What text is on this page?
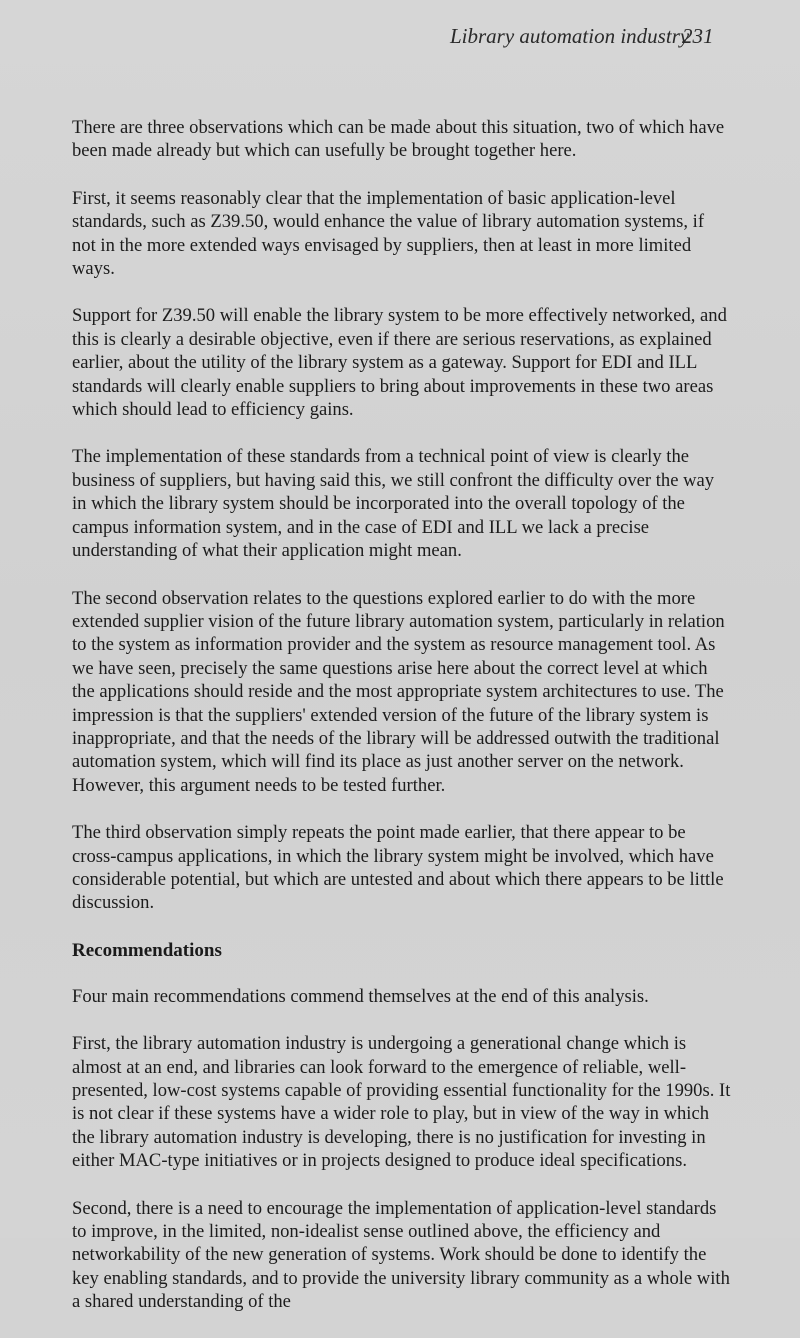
Library automation industry
231

There are three observations which can be made about this situation, two of which have been made already but which can usefully be brought together here.

First, it seems reasonably clear that the implementation of basic application-level standards, such as Z39.50, would enhance the value of library automation systems, if not in the more extended ways envisaged by suppliers, then at least in more limited ways.

Support for Z39.50 will enable the library system to be more effectively networked, and this is clearly a desirable objective, even if there are serious reservations, as explained earlier, about the utility of the library system as a gateway. Support for EDI and ILL standards will clearly enable suppliers to bring about improvements in these two areas which should lead to efficiency gains.

The implementation of these standards from a technical point of view is clearly the business of suppliers, but having said this, we still confront the difficulty over the way in which the library system should be incorporated into the overall topology of the campus information system, and in the case of EDI and ILL we lack a precise understanding of what their application might mean.

The second observation relates to the questions explored earlier to do with the more extended supplier vision of the future library automation system, particularly in relation to the system as information provider and the system as resource management tool. As we have seen, precisely the same questions arise here about the correct level at which the applications should reside and the most appropriate system architectures to use. The impression is that the suppliers' extended version of the future of the library system is inappropriate, and that the needs of the library will be addressed outwith the traditional automation system, which will find its place as just another server on the network. However, this argument needs to be tested further.

The third observation simply repeats the point made earlier, that there appear to be cross-campus applications, in which the library system might be involved, which have considerable potential, but which are untested and about which there appears to be little discussion.

Recommendations

Four main recommendations commend themselves at the end of this analysis.

First, the library automation industry is undergoing a generational change which is almost at an end, and libraries can look forward to the emergence of reliable, well-presented, low-cost systems capable of providing essential functionality for the 1990s. It is not clear if these systems have a wider role to play, but in view of the way in which the library automation industry is developing, there is no justification for investing in either MAC-type initiatives or in projects designed to produce ideal specifications.

Second, there is a need to encourage the implementation of application-level standards to improve, in the limited, non-idealist sense outlined above, the efficiency and networkability of the new generation of systems. Work should be done to identify the key enabling standards, and to provide the university library community as a whole with a shared understanding of the
